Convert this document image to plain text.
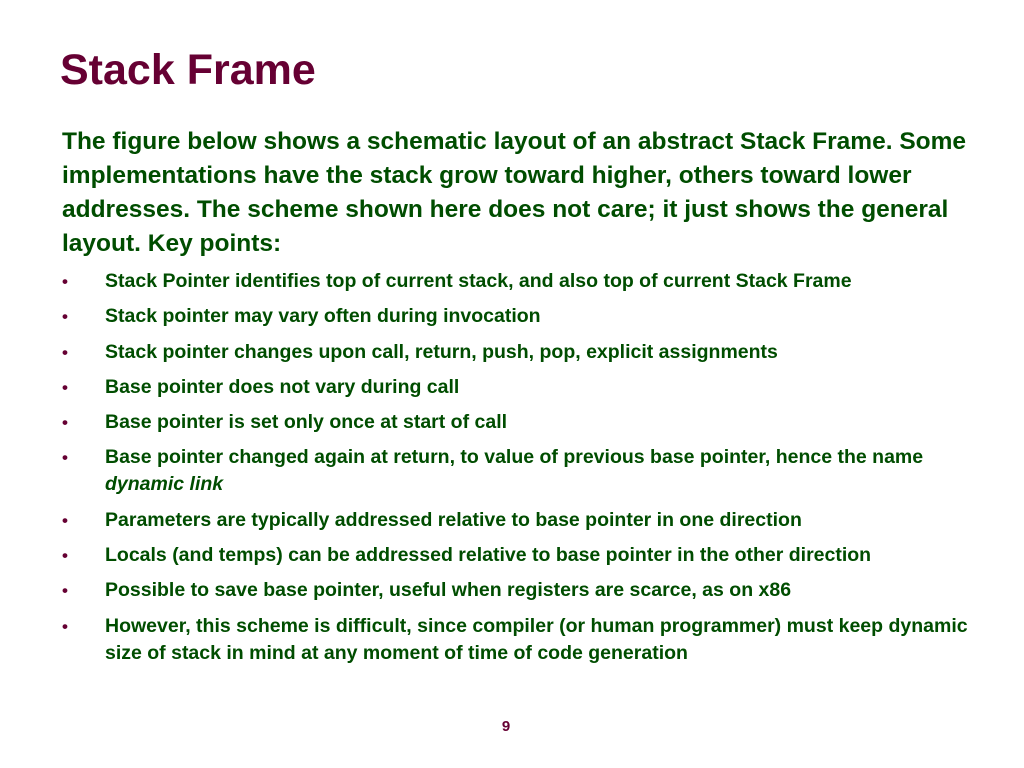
Stack Frame
The figure below shows a schematic layout of an abstract Stack Frame. Some implementations have the stack grow toward higher, others toward lower addresses. The scheme shown here does not care; it just shows the general layout. Key points:
• Stack Pointer identifies top of current stack, and also top of current Stack Frame
• Stack pointer may vary often during invocation
• Stack pointer changes upon call, return, push, pop, explicit assignments
• Base pointer does not vary during call
• Base pointer is set only once at start of call
• Base pointer changed again at return, to value of previous base pointer, hence the name dynamic link
• Parameters are typically addressed relative to base pointer in one direction
• Locals (and temps) can be addressed relative to base pointer in the other direction
• Possible to save base pointer, useful when registers are scarce, as on x86
• However, this scheme is difficult, since compiler (or human programmer) must keep dynamic size of stack in mind at any moment of time of code generation
9
